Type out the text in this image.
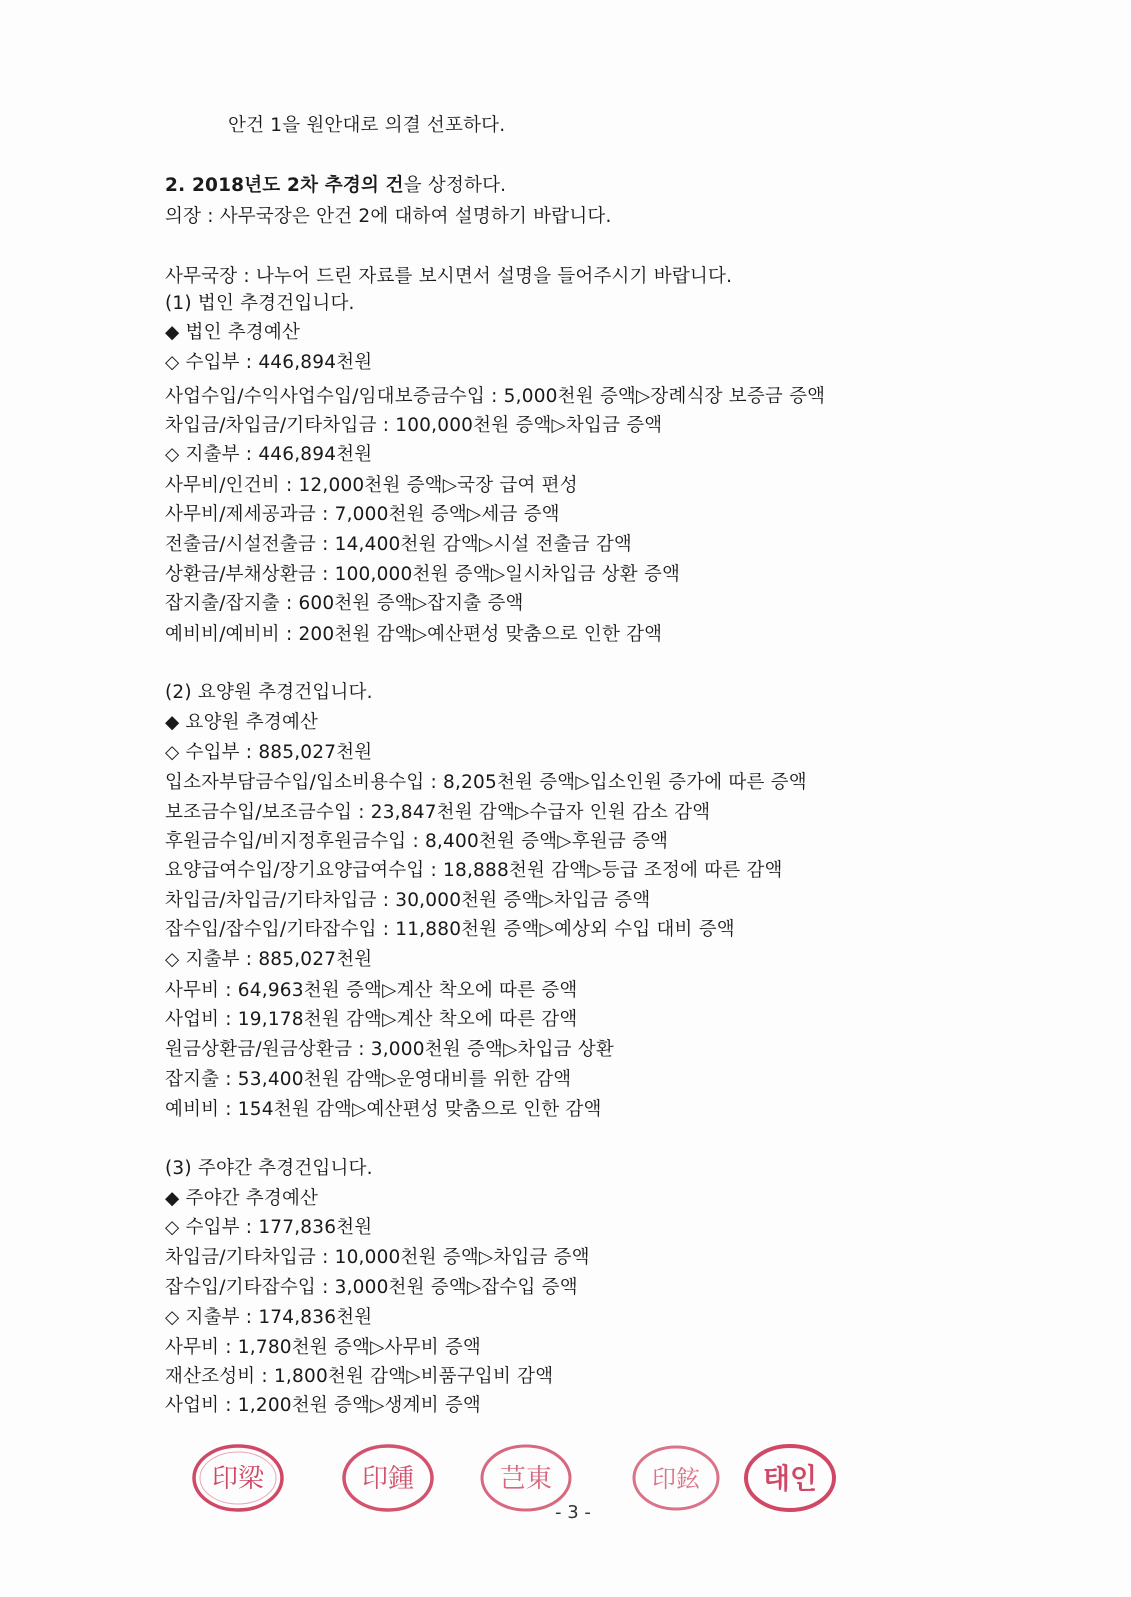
안건 1을 원안대로 의결 선포하다.
2. 2018년도 2차 추경의 건을 상정하다.
의장 : 사무국장은 안건 2에 대하여 설명하기 바랍니다.
사무국장 : 나누어 드린 자료를 보시면서 설명을 들어주시기 바랍니다.
(1) 법인 추경건입니다.
◆ 법인 추경예산
◇ 수입부 : 446,894천원
사업수입/수익사업수입/임대보증금수입 : 5,000천원 증액▷장례식장 보증금 증액
차입금/차입금/기타차입금 : 100,000천원 증액▷차입금 증액
◇ 지출부 : 446,894천원
사무비/인건비 : 12,000천원 증액▷국장 급여 편성
사무비/제세공과금 : 7,000천원 증액▷세금 증액
전출금/시설전출금 : 14,400천원 감액▷시설 전출금 감액
상환금/부채상환금 : 100,000천원 증액▷일시차입금 상환 증액
잡지출/잡지출 : 600천원 증액▷잡지출 증액
예비비/예비비 : 200천원 감액▷예산편성 맞춤으로 인한 감액
(2) 요양원 추경건입니다.
◆ 요양원 추경예산
◇ 수입부 : 885,027천원
입소자부담금수입/입소비용수입 : 8,205천원 증액▷입소인원 증가에 따른 증액
보조금수입/보조금수입 : 23,847천원 감액▷수급자 인원 감소 감액
후원금수입/비지정후원금수입 : 8,400천원 증액▷후원금 증액
요양급여수입/장기요양급여수입 : 18,888천원 감액▷등급 조정에 따른 감액
차입금/차입금/기타차입금 : 30,000천원 증액▷차입금 증액
잡수입/잡수입/기타잡수입 : 11,880천원 증액▷예상외 수입 대비 증액
◇ 지출부 : 885,027천원
사무비 : 64,963천원 증액▷계산 착오에 따른 증액
사업비 : 19,178천원 감액▷계산 착오에 따른 감액
원금상환금/원금상환금 : 3,000천원 증액▷차입금 상환
잡지출 : 53,400천원 감액▷운영대비를 위한 감액
예비비 : 154천원 감액▷예산편성 맞춤으로 인한 감액
(3) 주야간 추경건입니다.
◆ 주야간 추경예산
◇ 수입부 : 177,836천원
차입금/기타차입금 : 10,000천원 증액▷차입금 증액
잡수입/기타잡수입 : 3,000천원 증액▷잡수입 증액
◇ 지출부 : 174,836천원
사무비 : 1,780천원 증액▷사무비 증액
재산조성비 : 1,800천원 감액▷비품구입비 감액
사업비 : 1,200천원 증액▷생계비 증액
印梁	印鍾	芑東	印鉉 태인
- 3 -
